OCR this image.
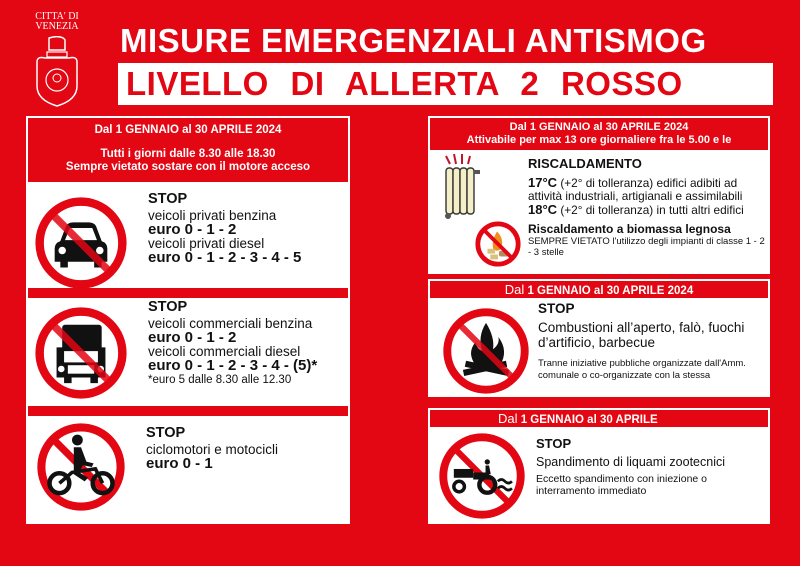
CITTA' DI
VENEZIA MISURE EMERGENZIALI ANTISMOG
LIVELLO DI ALLERTA 2 ROSSO
Dal 1 GENNAIO al 30 APRILE 2024
Tutti i giorni dalle 8.30 alle 18.30
Sempre vietato sostare con il motore acceso
STOP
veicoli privati benzina
euro 0 - 1 - 2
veicoli privati diesel
euro 0 - 1 - 2 - 3 - 4 - 5
STOP
veicoli commerciali benzina
euro 0 - 1 - 2
veicoli commerciali diesel
euro 0 - 1 - 2 - 3 - 4 - (5)*
*euro 5 dalle 8.30 alle 12.30
STOP
ciclomotori e motocicli
euro 0 - 1
Dal 1 GENNAIO al 30 APRILE 2024
Attivabile per max 13 ore giornaliere fra le 5.00 e le
RISCALDAMENTO
17°C (+2° di tolleranza) edifici adibiti ad attività industriali, artigianali e assimilabili
18°C (+2° di tolleranza) in tutti altri edifici
Riscaldamento a biomassa legnosa
SEMPRE VIETATO l'utilizzo degli impianti di classe 1 - 2 - 3 stelle
Dal 1 GENNAIO al 30 APRILE 2024
STOP
Combustioni all’aperto, falò, fuochi d’artificio, barbecue
Tranne iniziative pubbliche organizzate dall'Amm. comunale o co-organizzate con la stessa
Dal 1 GENNAIO al 30 APRILE
STOP
Spandimento di liquami zootecnici
Eccetto spandimento con iniezione o interramento immediato
